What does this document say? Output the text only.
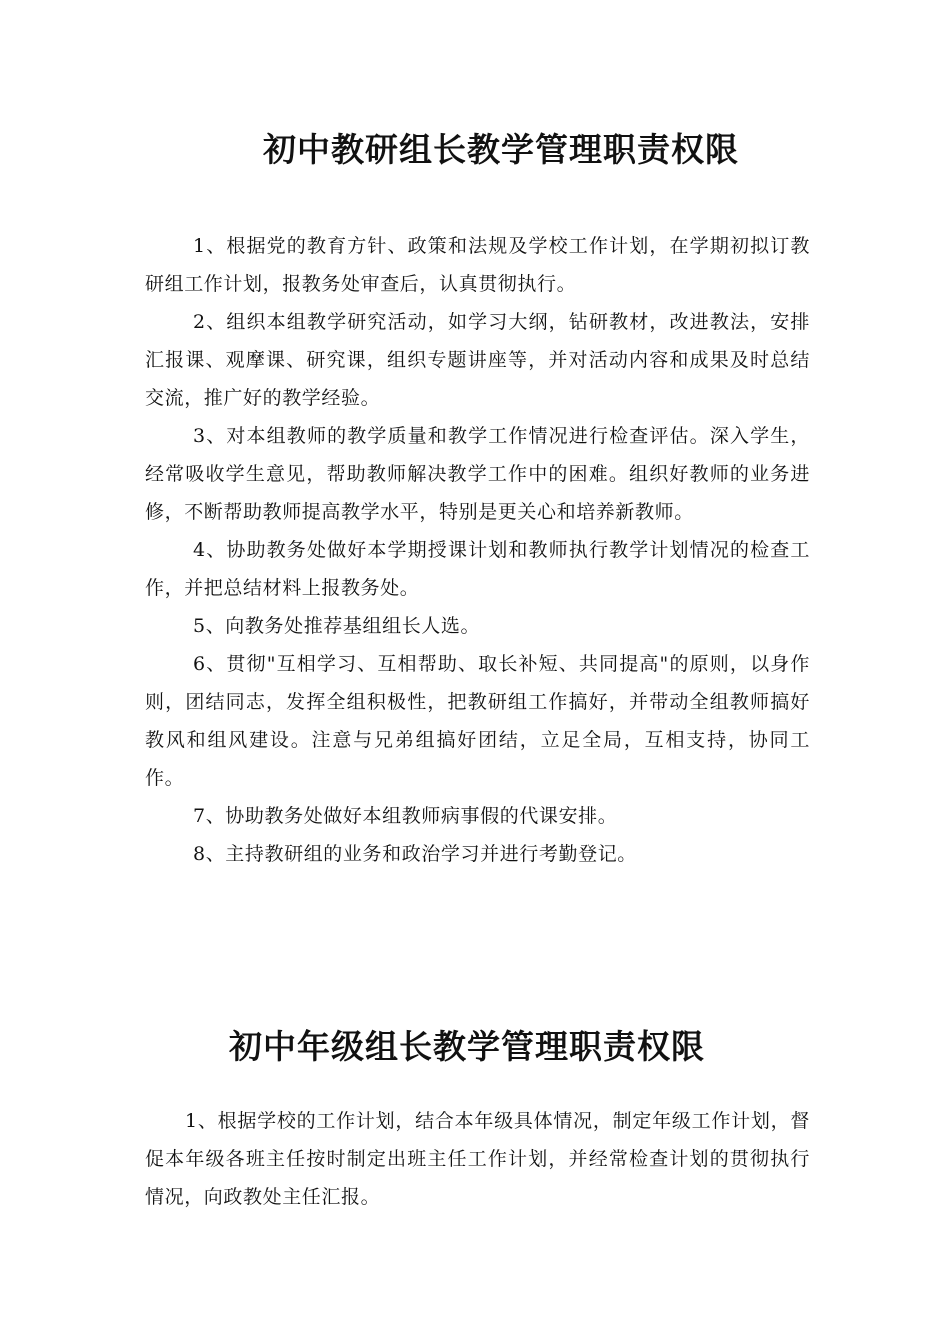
初中教研组长教学管理职责权限

1、根据党的教育方针、政策和法规及学校工作计划，在学期初拟订教研组工作计划，报教务处审查后，认真贯彻执行。

2、组织本组教学研究活动，如学习大纲，钻研教材，改进教法，安排汇报课、观摩课、研究课，组织专题讲座等，并对活动内容和成果及时总结交流，推广好的教学经验。

3、对本组教师的教学质量和教学工作情况进行检查评估。深入学生，经常吸收学生意见，帮助教师解决教学工作中的困难。组织好教师的业务进修，不断帮助教师提高教学水平，特别是更关心和培养新教师。

4、协助教务处做好本学期授课计划和教师执行教学计划情况的检查工作，并把总结材料上报教务处。

5、向教务处推荐基组组长人选。

6、贯彻"互相学习、互相帮助、取长补短、共同提高"的原则，以身作则，团结同志，发挥全组积极性，把教研组工作搞好，并带动全组教师搞好教风和组风建设。注意与兄弟组搞好团结，立足全局，互相支持，协同工作。

7、协助教务处做好本组教师病事假的代课安排。

8、主持教研组的业务和政治学习并进行考勤登记。

初中年级组长教学管理职责权限

1、根据学校的工作计划，结合本年级具体情况，制定年级工作计划，督促本年级各班主任按时制定出班主任工作计划，并经常检查计划的贯彻执行情况，向政教处主任汇报。
